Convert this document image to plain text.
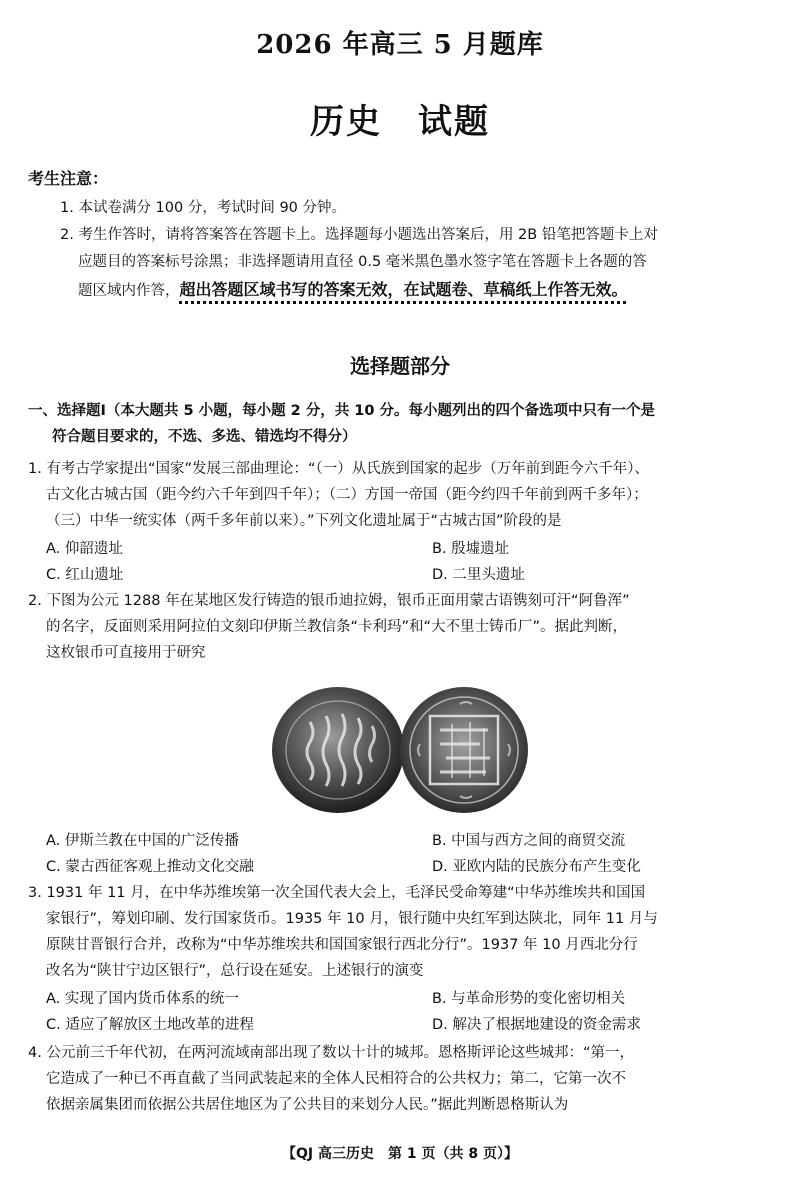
2026 年高三 5 月题库
历史　试题
考生注意：
1. 本试卷满分 100 分，考试时间 90 分钟。
2. 考生作答时，请将答案答在答题卡上。选择题每小题选出答案后，用 2B 铅笔把答题卡上对
应题目的答案标号涂黑；非选择题请用直径 0.5 毫米黑色墨水签字笔在答题卡上各题的答
题区域内作答，超出答题区域书写的答案无效，在试题卷、草稿纸上作答无效。
选择题部分
一、选择题Ⅰ（本大题共 5 小题，每小题 2 分，共 10 分。每小题列出的四个备选项中只有一个是
符合题目要求的，不选、多选、错选均不得分）
1. 有考古学家提出“国家”发展三部曲理论：“（一）从氏族到国家的起步（万年前到距今六千年）、
古文化古城古国（距今约六千年到四千年）；（二）方国一帝国（距今约四千年前到两千多年）；
（三）中华一统实体（两千多年前以来）。”下列文化遗址属于“古城古国”阶段的是
A. 仰韶遗址	B. 殷墟遗址
C. 红山遗址	D. 二里头遗址
2. 下图为公元 1288 年在某地区发行铸造的银币迪拉姆，银币正面用蒙古语镌刻可汗“阿鲁浑”
的名字，反面则采用阿拉伯文刻印伊斯兰教信条“卡利玛”和“大不里士铸币厂”。据此判断，
这枚银币可直接用于研究
A. 伊斯兰教在中国的广泛传播	B. 中国与西方之间的商贸交流
C. 蒙古西征客观上推动文化交融	D. 亚欧内陆的民族分布产生变化
3. 1931 年 11 月，在中华苏维埃第一次全国代表大会上，毛泽民受命筹建“中华苏维埃共和国国
家银行”，筹划印刷、发行国家货币。1935 年 10 月，银行随中央红军到达陕北，同年 11 月与
原陕甘晋银行合并，改称为“中华苏维埃共和国国家银行西北分行”。1937 年 10 月西北分行
改名为“陕甘宁边区银行”，总行设在延安。上述银行的演变
A. 实现了国内货币体系的统一	B. 与革命形势的变化密切相关
C. 适应了解放区土地改革的进程	D. 解决了根据地建设的资金需求
4. 公元前三千年代初，在两河流域南部出现了数以十计的城邦。恩格斯评论这些城邦：“第一，
它造成了一种已不再直截了当同武装起来的全体人民相符合的公共权力；第二，它第一次不
依据亲属集团而依据公共居住地区为了公共目的来划分人民。”据此判断恩格斯认为
【QJ 高三历史　第 1 页（共 8 页）】
